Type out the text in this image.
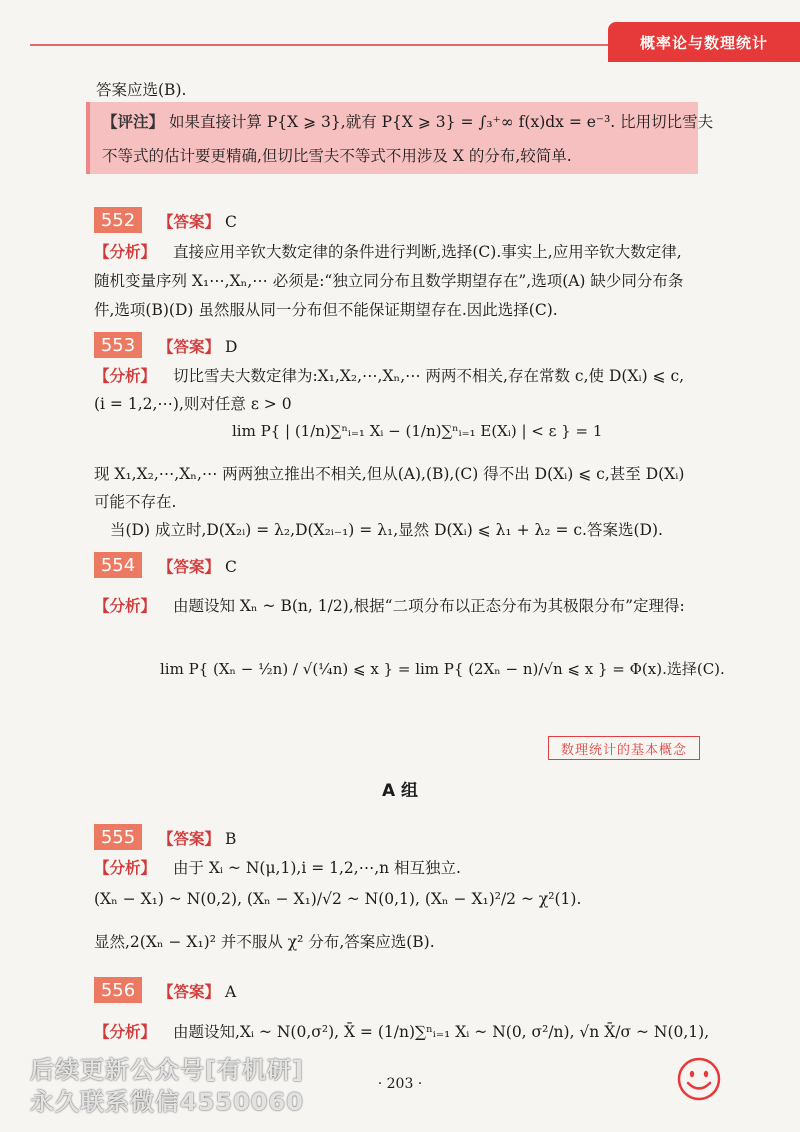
概率论与数理统计
答案应选(B).
【评注】 如果直接计算 P{X ⩾ 3},就有 P{X ⩾ 3} = ∫₃⁺∞ f(x)dx = e⁻³. 比用切比雪夫
不等式的估计要更精确,但切比雪夫不等式不用涉及 X 的分布,较简单.
552	【答案】 C
【分析】 直接应用辛钦大数定律的条件进行判断,选择(C).事实上,应用辛钦大数定律,
随机变量序列 X₁⋯,Xₙ,⋯ 必须是:“独立同分布且数学期望存在”,选项(A) 缺少同分布条
件,选项(B)(D) 虽然服从同一分布但不能保证期望存在.因此选择(C).
553	【答案】 D
【分析】 切比雪夫大数定律为:X₁,X₂,⋯,Xₙ,⋯ 两两不相关,存在常数 c,使 D(Xᵢ) ⩽ c,
(i = 1,2,⋯),则对任意 ε > 0
lim P{ | (1/n)∑ⁿᵢ₌₁ Xᵢ − (1/n)∑ⁿᵢ₌₁ E(Xᵢ) | < ε } = 1
现 X₁,X₂,⋯,Xₙ,⋯ 两两独立推出不相关,但从(A),(B),(C) 得不出 D(Xᵢ) ⩽ c,甚至 D(Xᵢ)
可能不存在.
当(D) 成立时,D(X₂ᵢ) = λ₂,D(X₂ᵢ₋₁) = λ₁,显然 D(Xᵢ) ⩽ λ₁ + λ₂ = c.答案选(D).
554	【答案】 C
【分析】 由题设知 Xₙ ~ B(n, 1/2),根据“二项分布以正态分布为其极限分布”定理得:
lim P{ (Xₙ − ½n) / √(¼n) ⩽ x } = lim P{ (2Xₙ − n)/√n ⩽ x } = Φ(x).选择(C).
数理统计的基本概念
A 组
555	【答案】 B
【分析】 由于 Xᵢ ~ N(μ,1),i = 1,2,⋯,n 相互独立.
(Xₙ − X₁) ~ N(0,2), (Xₙ − X₁)/√2 ~ N(0,1), (Xₙ − X₁)²/2 ~ χ²(1).
显然,2(Xₙ − X₁)² 并不服从 χ² 分布,答案应选(B).
556	【答案】 A
【分析】 由题设知,Xᵢ ~ N(0,σ²), X̄ = (1/n)∑ⁿᵢ₌₁ Xᵢ ~ N(0, σ²/n), √n X̄/σ ~ N(0,1),
· 203 ·
后续更新公众号[有机研]
永久联系微信4550060
